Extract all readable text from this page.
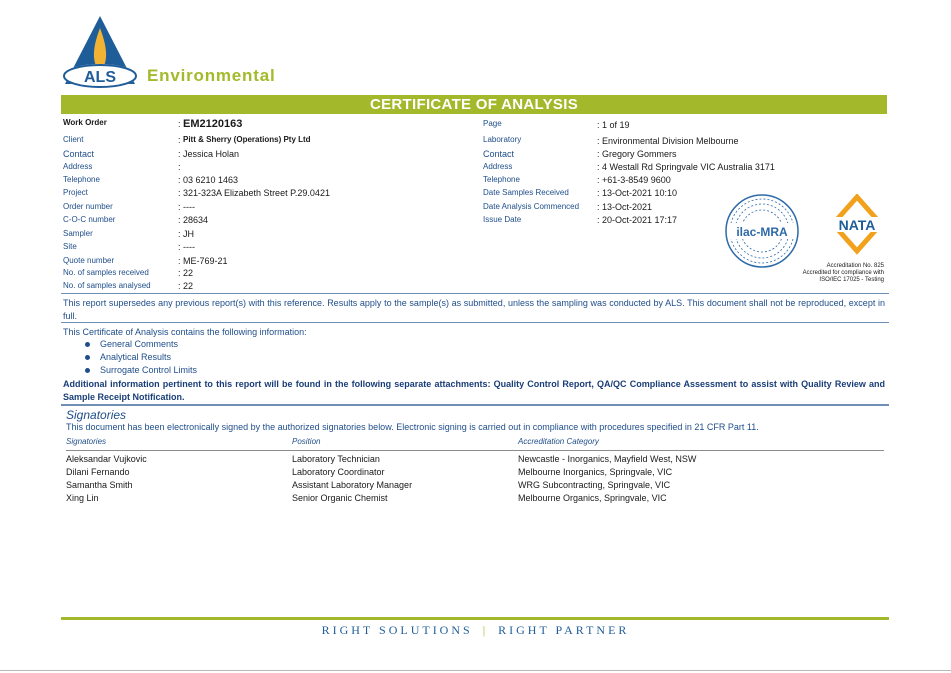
ALS Environmental
CERTIFICATE OF ANALYSIS
Work Order	: EM2120163
Client	: Pitt & Sherry (Operations) Pty Ltd
Contact	: Jessica Holan
Address	:
Telephone	: 03 6210 1463
Project	: 321-323A Elizabeth Street P.29.0421
Order number	: ----
C-O-C number	: 28634
Sampler	: JH
Site	: ----
Quote number	: ME-769-21
No. of samples received	: 22
No. of samples analysed	: 22
Page	: 1 of 19
Laboratory	: Environmental Division Melbourne
Contact	: Gregory Gommers
Address	: 4 Westall Rd Springvale VIC Australia 3171
Telephone	: +61-3-8549 9600
Date Samples Received	: 13-Oct-2021 10:10
Date Analysis Commenced : 13-Oct-2021
Issue Date	: 20-Oct-2021 17:17
ilac-MRA	NATA
Accreditation No. 825
Accredited for compliance with
ISO/IEC 17025 - Testing
This report supersedes any previous report(s) with this reference. Results apply to the sample(s) as submitted, unless the sampling was conducted by ALS. This document shall not be reproduced, except in full.
This Certificate of Analysis contains the following information:
General Comments
Analytical Results
Surrogate Control Limits
Additional information pertinent to this report will be found in the following separate attachments: Quality Control Report, QA/QC Compliance Assessment to assist with Quality Review and Sample Receipt Notification.
Signatories
This document has been electronically signed by the authorized signatories below. Electronic signing is carried out in compliance with procedures specified in 21 CFR Part 11.
Signatories	Position	Accreditation Category
Aleksandar Vujkovic	Laboratory Technician	Newcastle - Inorganics, Mayfield West, NSW
Dilani Fernando	Laboratory Coordinator	Melbourne Inorganics, Springvale, VIC
Samantha Smith	Assistant Laboratory Manager	WRG Subcontracting, Springvale, VIC
Xing Lin	Senior Organic Chemist	Melbourne Organics, Springvale, VIC
RIGHT SOLUTIONS | RIGHT PARTNER
